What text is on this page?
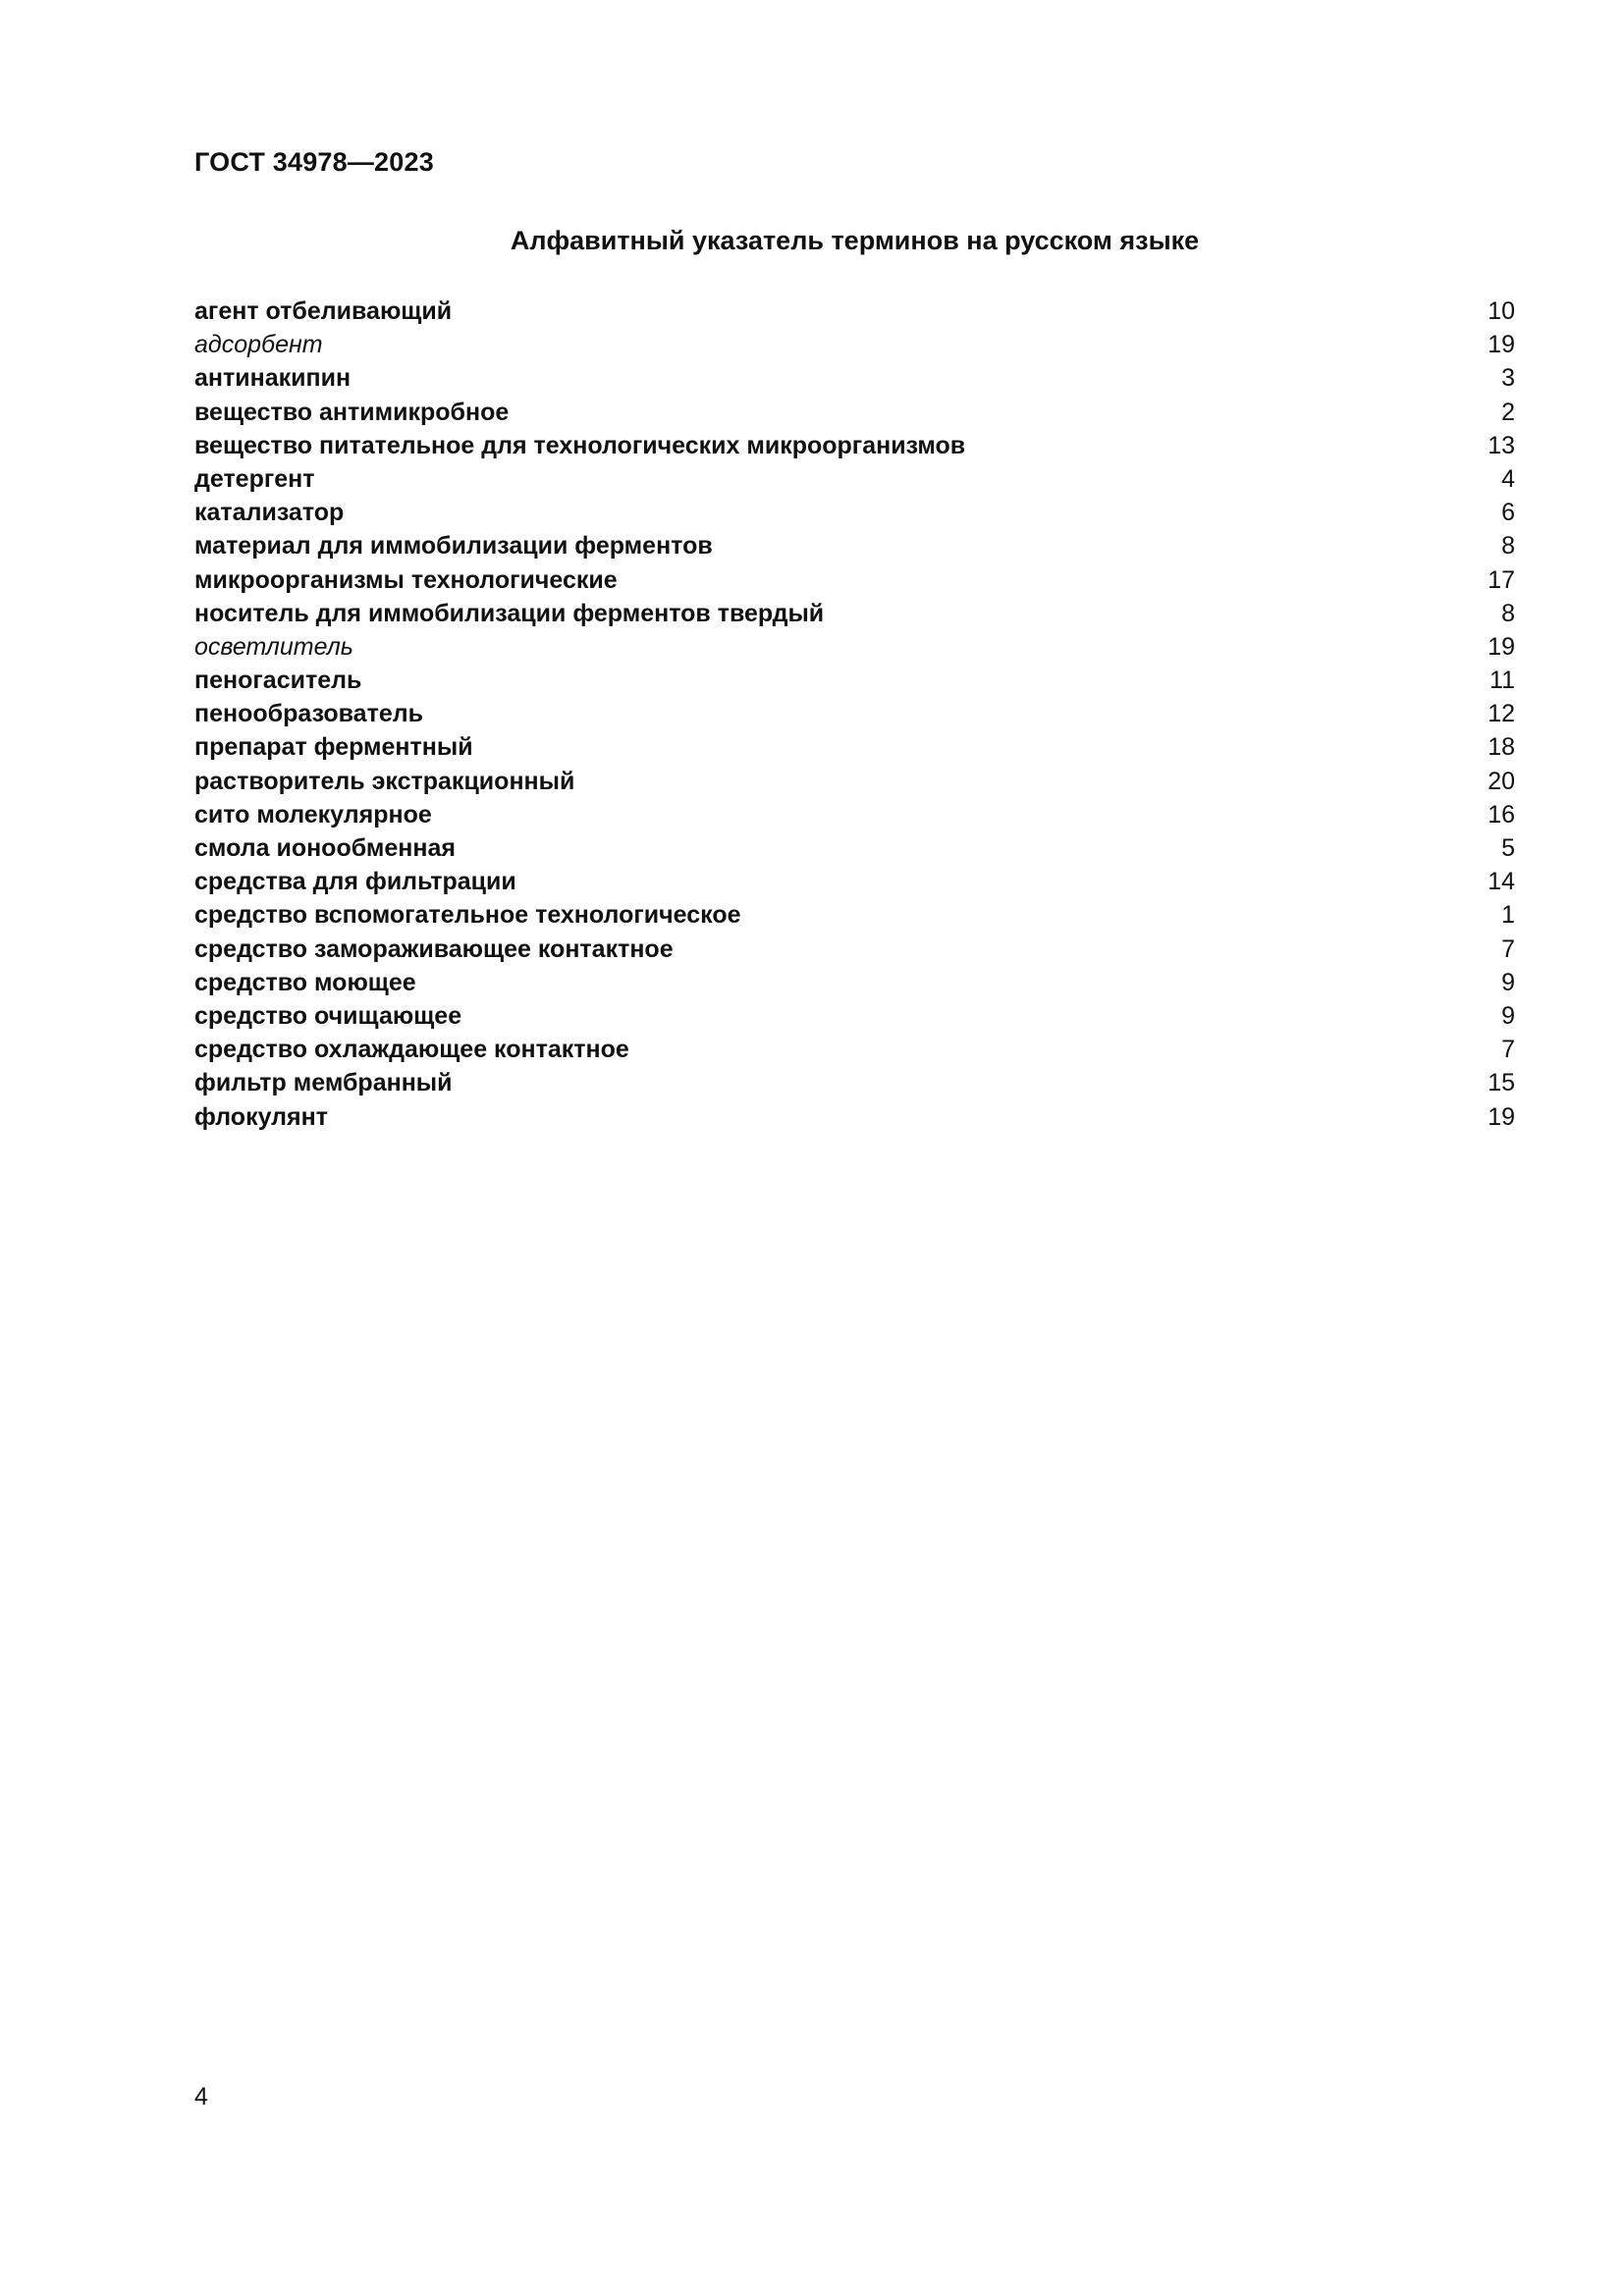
ГОСТ 34978—2023
Алфавитный указатель терминов на русском языке
агент отбеливающий	10
адсорбент	19
антинакипин	3
вещество антимикробное	2
вещество питательное для технологических микроорганизмов	13
детергент	4
катализатор	6
материал для иммобилизации ферментов	8
микроорганизмы технологические	17
носитель для иммобилизации ферментов твердый	8
осветлитель	19
пеногаситель	11
пенообразователь	12
препарат ферментный	18
растворитель экстракционный	20
сито молекулярное	16
смола ионообменная	5
средства для фильтрации	14
средство вспомогательное технологическое	1
средство замораживающее контактное	7
средство моющее	9
средство очищающее	9
средство охлаждающее контактное	7
фильтр мембранный	15
флокулянт	19
4
